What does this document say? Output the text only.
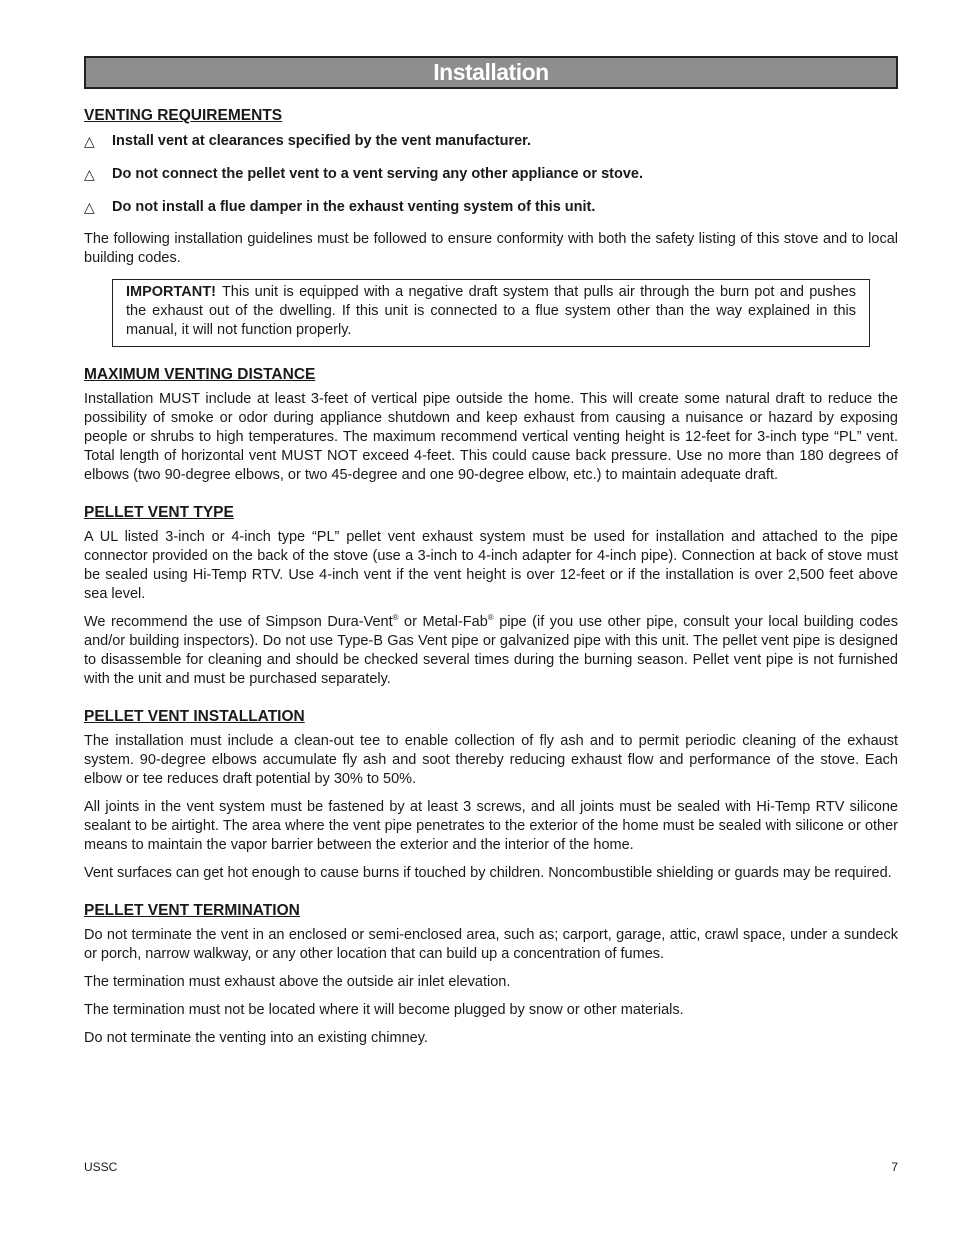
Installation
VENTING REQUIREMENTS
△	Install vent at clearances specified by the vent manufacturer.
△	Do not connect the pellet vent to a vent serving any other appliance or stove.
△	Do not install a flue damper in the exhaust venting system of this unit.

The following installation guidelines must be followed to ensure conformity with both the safety listing of this stove and to local building codes.

IMPORTANT! This unit is equipped with a negative draft system that pulls air through the burn pot and pushes the exhaust out of the dwelling. If this unit is connected to a flue system other than the way explained in this manual, it will not function properly.

MAXIMUM VENTING DISTANCE

Installation MUST include at least 3-feet of vertical pipe outside the home. This will create some natural draft to reduce the possibility of smoke or odor during appliance shutdown and keep exhaust from causing a nuisance or hazard by exposing people or shrubs to high temperatures. The maximum recommend vertical venting height is 12-feet for 3-inch type “PL” vent. Total length of horizontal vent MUST NOT exceed 4-feet. This could cause back pressure. Use no more than 180 degrees of elbows (two 90-degree elbows, or two 45-degree and one 90-degree elbow, etc.) to maintain adequate draft.

PELLET VENT TYPE

A UL listed 3-inch or 4-inch type “PL” pellet vent exhaust system must be used for installation and attached to the pipe connector provided on the back of the stove (use a 3-inch to 4-inch adapter for 4-inch pipe). Connection at back of stove must be sealed using Hi-Temp RTV. Use 4-inch vent if the vent height is over 12-feet or if the installation is over 2,500 feet above sea level.

We recommend the use of Simpson Dura-Vent® or Metal-Fab® pipe (if you use other pipe, consult your local building codes and/or building inspectors). Do not use Type-B Gas Vent pipe or galvanized pipe with this unit. The pellet vent pipe is designed to disassemble for cleaning and should be checked several times during the burning season. Pellet vent pipe is not furnished with the unit and must be purchased separately.

PELLET VENT INSTALLATION

The installation must include a clean-out tee to enable collection of fly ash and to permit periodic cleaning of the exhaust system. 90-degree elbows accumulate fly ash and soot thereby reducing exhaust flow and performance of the stove. Each elbow or tee reduces draft potential by 30% to 50%.

All joints in the vent system must be fastened by at least 3 screws, and all joints must be sealed with Hi-Temp RTV silicone sealant to be airtight. The area where the vent pipe penetrates to the exterior of the home must be sealed with silicone or other means to maintain the vapor barrier between the exterior and the interior of the home.

Vent surfaces can get hot enough to cause burns if touched by children. Noncombustible shielding or guards may be required.

PELLET VENT TERMINATION

Do not terminate the vent in an enclosed or semi-enclosed area, such as; carport, garage, attic, crawl space, under a sundeck or porch, narrow walkway, or any other location that can build up a concentration of fumes.

The termination must exhaust above the outside air inlet elevation.

The termination must not be located where it will become plugged by snow or other materials.

Do not terminate the venting into an existing chimney.

USSC	7
